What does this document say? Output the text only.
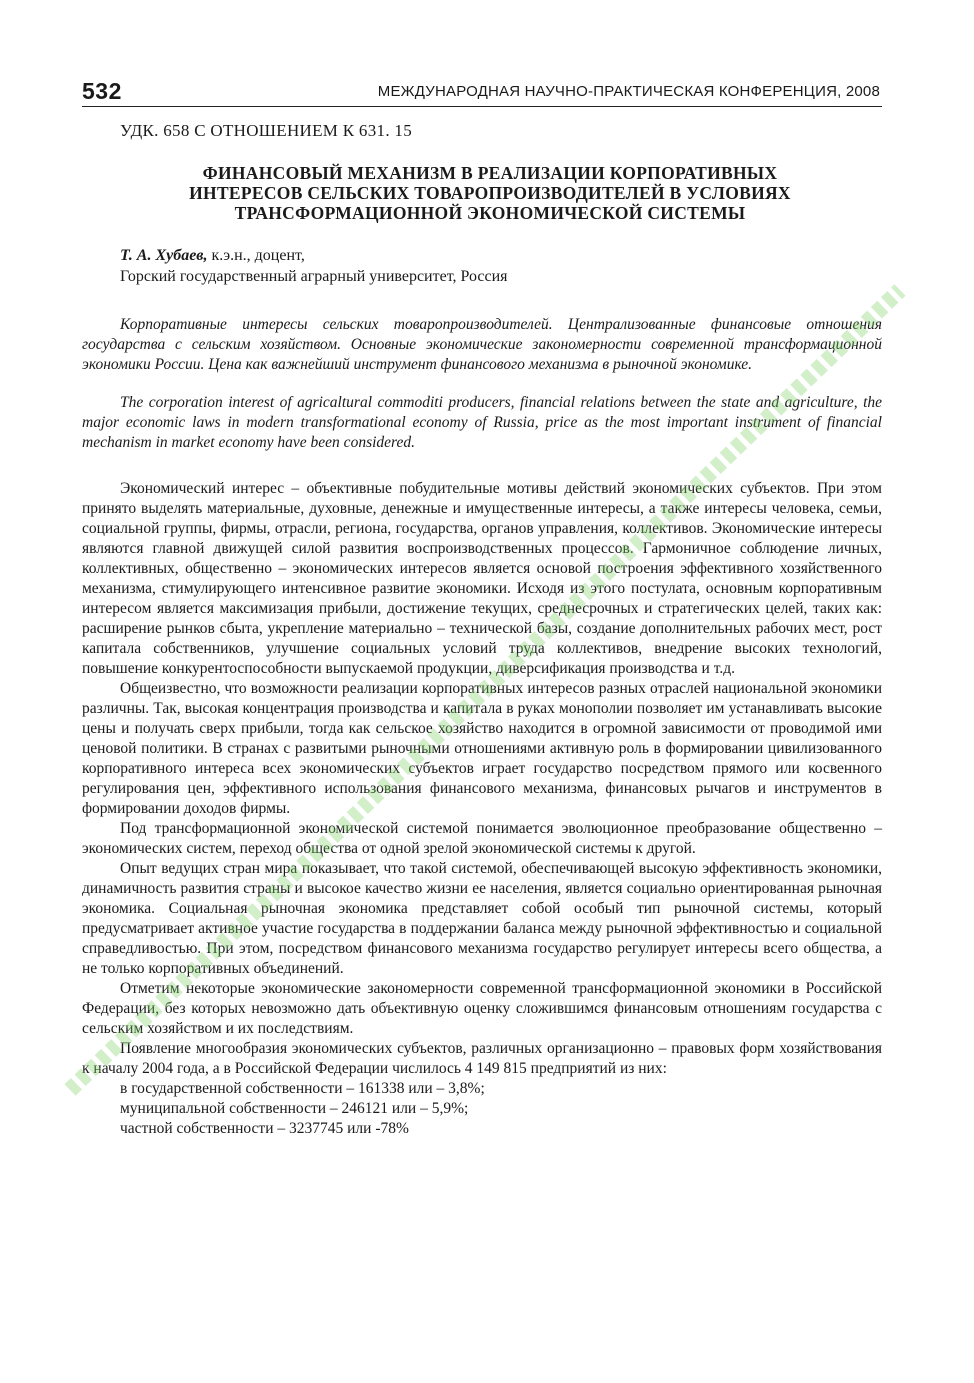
532	МЕЖДУНАРОДНАЯ НАУЧНО-ПРАКТИЧЕСКАЯ КОНФЕРЕНЦИЯ, 2008
УДК. 658 С ОТНОШЕНИЕМ К 631. 15
ФИНАНСОВЫЙ МЕХАНИЗМ В РЕАЛИЗАЦИИ КОРПОРАТИВНЫХ
ИНТЕРЕСОВ СЕЛЬСКИХ ТОВАРОПРОИЗВОДИТЕЛЕЙ В УСЛОВИЯХ
ТРАНСФОРМАЦИОННОЙ ЭКОНОМИЧЕСКОЙ СИСТЕМЫ
Т. А. Хубаев, к.э.н., доцент,
Горский государственный аграрный университет, Россия

Корпоративные интересы сельских товаропроизводителей. Централизованные финансовые отношения государства с сельским хозяйством. Основные экономические закономерности современной трансформационной экономики России. Цена как важнейший инструмент финансового механизма в рыночной экономике.

The corporation interest of agricaltural commoditi producers, financial relations between the state and agriculture, the major economic laws in modern transformational economy of Russia, price as the most important instrument of financial mechanism in market economy have been considered.

Экономический интерес – объективные побудительные мотивы действий экономических субъектов. При этом принято выделять материальные, духовные, денежные и имущественные интересы, а также интересы человека, семьи, социальной группы, фирмы, отрасли, региона, государства, органов управления, коллективов. Экономические интересы являются главной движущей силой развития воспроизводственных процессов. Гармоничное соблюдение личных, коллективных, общественно – экономических интересов является основой построения эффективного хозяйственного механизма, стимулирующего интенсивное развитие экономики. Исходя из этого постулата, основным корпоративным интересом является максимизация прибыли, достижение текущих, среднесрочных и стратегических целей, таких как: расширение рынков сбыта, укрепление материально – технической базы, создание дополнительных рабочих мест, рост капитала собственников, улучшение социальных условий труда коллективов, внедрение высоких технологий, повышение конкурентоспособности выпускаемой продукции, диверсификация производства и т.д.

Общеизвестно, что возможности реализации корпоративных интересов разных отраслей национальной экономики различны. Так, высокая концентрация производства и капитала в руках монополии позволяет им устанавливать высокие цены и получать сверх прибыли, тогда как сельское хозяйство находится в огромной зависимости от проводимой ими ценовой политики. В странах с развитыми рыночными отношениями активную роль в формировании цивилизованного корпоративного интереса всех экономических субъектов играет государство посредством прямого или косвенного регулирования цен, эффективного использования финансового механизма, финансовых рычагов и инструментов в формировании доходов фирмы.

Под трансформационной экономической системой понимается эволюционное преобразование общественно – экономических систем, переход общества от одной зрелой экономической системы к другой.

Опыт ведущих стран мира показывает, что такой системой, обеспечивающей высокую эффективность экономики, динамичность развития страны и высокое качество жизни ее населения, является социально ориентированная рыночная экономика. Социальная рыночная экономика представляет собой особый тип рыночной системы, который предусматривает активное участие государства в поддержании баланса между рыночной эффективностью и социальной справедливостью. При этом, посредством финансового механизма государство регулирует интересы всего общества, а не только корпоративных объединений.

Отметим некоторые экономические закономерности современной трансформационной экономики в Российской Федерации, без которых невозможно дать объективную оценку сложившимся финансовым отношениям государства с сельским хозяйством и их последствиям.

Появление многообразия экономических субъектов, различных организационно – правовых форм хозяйствования к началу 2004 года, а в Российской Федерации числилось 4 149 815 предприятий из них:

в государственной собственности – 161338 или – 3,8%;

муниципальной собственности – 246121 или – 5,9%;

частной собственности – 3237745 или -78%
